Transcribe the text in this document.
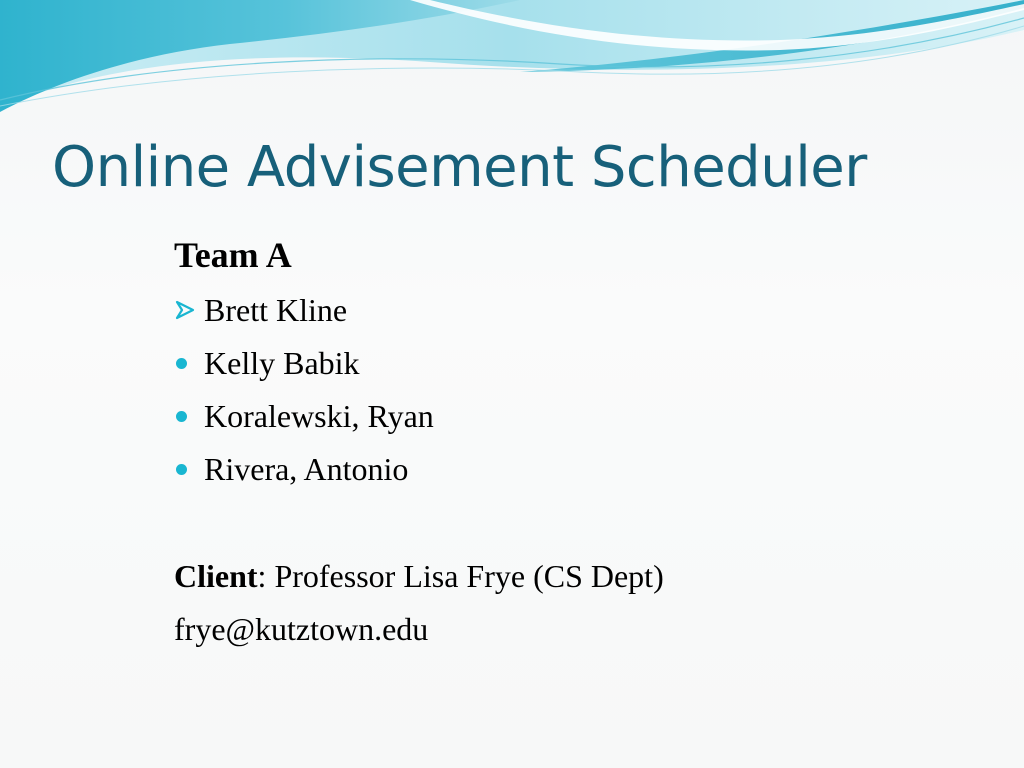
Online Advisement Scheduler
Team A
Brett Kline
Kelly Babik
Koralewski, Ryan
Rivera, Antonio
Client: Professor Lisa Frye (CS Dept)
frye@kutztown.edu
